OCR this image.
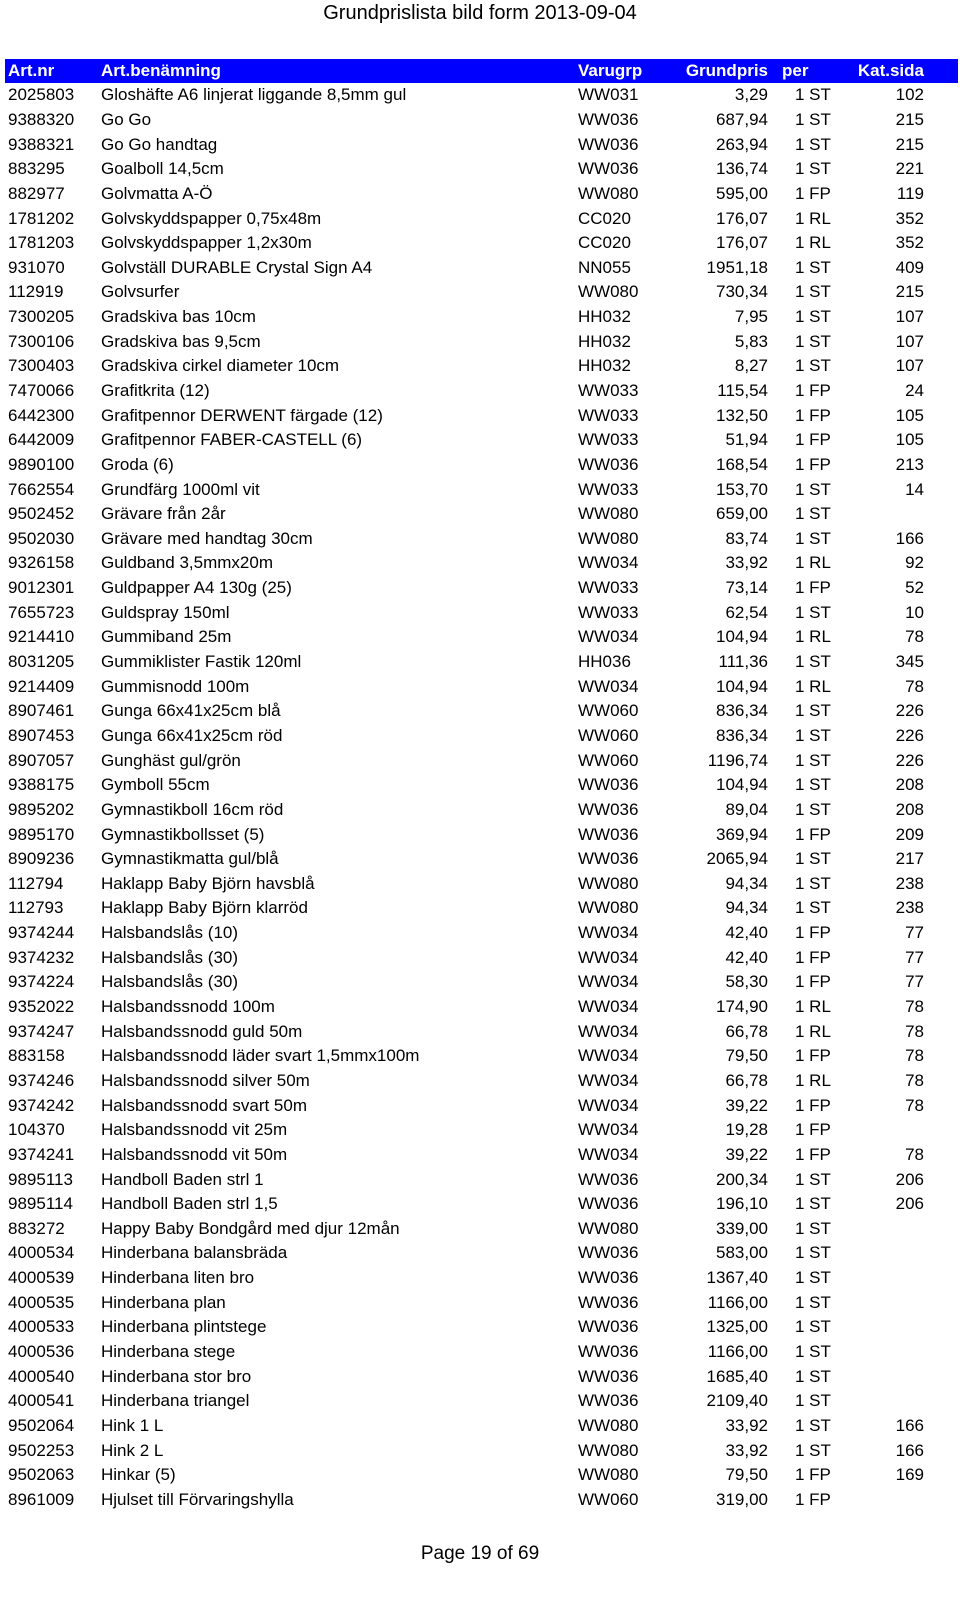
Grundprislista bild form 2013-09-04
Art.nr	Art.benämning	Varugrp	Grundpris per	Kat.sida
2025803	Gloshäfte A6 linjerat liggande 8,5mm gul	WW031	3,29	1 ST	102
9388320	Go Go	WW036	687,94	1 ST	215
9388321	Go Go handtag	WW036	263,94	1 ST	215
883295	Goalboll 14,5cm	WW036	136,74	1 ST	221
882977	Golvmatta A-Ö	WW080	595,00	1 FP	119
1781202	Golvskyddspapper 0,75x48m	CC020	176,07	1 RL	352
1781203	Golvskyddspapper 1,2x30m	CC020	176,07	1 RL	352
931070	Golvställ DURABLE Crystal Sign A4	NN055	1951,18	1 ST	409
112919	Golvsurfer	WW080	730,34	1 ST	215
7300205	Gradskiva bas 10cm	HH032	7,95	1 ST	107
7300106	Gradskiva bas 9,5cm	HH032	5,83	1 ST	107
7300403	Gradskiva cirkel diameter 10cm	HH032	8,27	1 ST	107
7470066	Grafitkrita (12)	WW033	115,54	1 FP	24
6442300	Grafitpennor DERWENT färgade (12)	WW033	132,50	1 FP	105
6442009	Grafitpennor FABER-CASTELL (6)	WW033	51,94	1 FP	105
9890100	Groda (6)	WW036	168,54	1 FP	213
7662554	Grundfärg 1000ml vit	WW033	153,70	1 ST	14
9502452	Grävare från 2år	WW080	659,00	1 ST
9502030	Grävare med handtag 30cm	WW080	83,74	1 ST	166
9326158	Guldband 3,5mmx20m	WW034	33,92	1 RL	92
9012301	Guldpapper A4 130g (25)	WW033	73,14	1 FP	52
7655723	Guldspray 150ml	WW033	62,54	1 ST	10
9214410	Gummiband 25m	WW034	104,94	1 RL	78
8031205	Gummiklister Fastik 120ml	HH036	111,36	1 ST	345
9214409	Gummisnodd 100m	WW034	104,94	1 RL	78
8907461	Gunga 66x41x25cm blå	WW060	836,34	1 ST	226
8907453	Gunga 66x41x25cm röd	WW060	836,34	1 ST	226
8907057	Gunghäst gul/grön	WW060	1196,74	1 ST	226
9388175	Gymboll 55cm	WW036	104,94	1 ST	208
9895202	Gymnastikboll 16cm röd	WW036	89,04	1 ST	208
9895170	Gymnastikbollsset (5)	WW036	369,94	1 FP	209
8909236	Gymnastikmatta gul/blå	WW036	2065,94	1 ST	217
112794	Haklapp Baby Björn havsblå	WW080	94,34	1 ST	238
112793	Haklapp Baby Björn klarröd	WW080	94,34	1 ST	238
9374244	Halsbandslås (10)	WW034	42,40	1 FP	77
9374232	Halsbandslås (30)	WW034	42,40	1 FP	77
9374224	Halsbandslås (30)	WW034	58,30	1 FP	77
9352022	Halsbandssnodd 100m	WW034	174,90	1 RL	78
9374247	Halsbandssnodd guld 50m	WW034	66,78	1 RL	78
883158	Halsbandssnodd läder svart 1,5mmx100m	WW034	79,50	1 FP	78
9374246	Halsbandssnodd silver 50m	WW034	66,78	1 RL	78
9374242	Halsbandssnodd svart 50m	WW034	39,22	1 FP	78
104370	Halsbandssnodd vit 25m	WW034	19,28	1 FP
9374241	Halsbandssnodd vit 50m	WW034	39,22	1 FP	78
9895113	Handboll Baden strl 1	WW036	200,34	1 ST	206
9895114	Handboll Baden strl 1,5	WW036	196,10	1 ST	206
883272	Happy Baby Bondgård med djur 12mån	WW080	339,00	1 ST
4000534	Hinderbana balansbräda	WW036	583,00	1 ST
4000539	Hinderbana liten bro	WW036	1367,40	1 ST
4000535	Hinderbana plan	WW036	1166,00	1 ST
4000533	Hinderbana plintstege	WW036	1325,00	1 ST
4000536	Hinderbana stege	WW036	1166,00	1 ST
4000540	Hinderbana stor bro	WW036	1685,40	1 ST
4000541	Hinderbana triangel	WW036	2109,40	1 ST
9502064	Hink 1 L	WW080	33,92	1 ST	166
9502253	Hink 2 L	WW080	33,92	1 ST	166
9502063	Hinkar (5)	WW080	79,50	1 FP	169
8961009	Hjulset till Förvaringshylla	WW060	319,00	1 FP
Page 19 of 69
